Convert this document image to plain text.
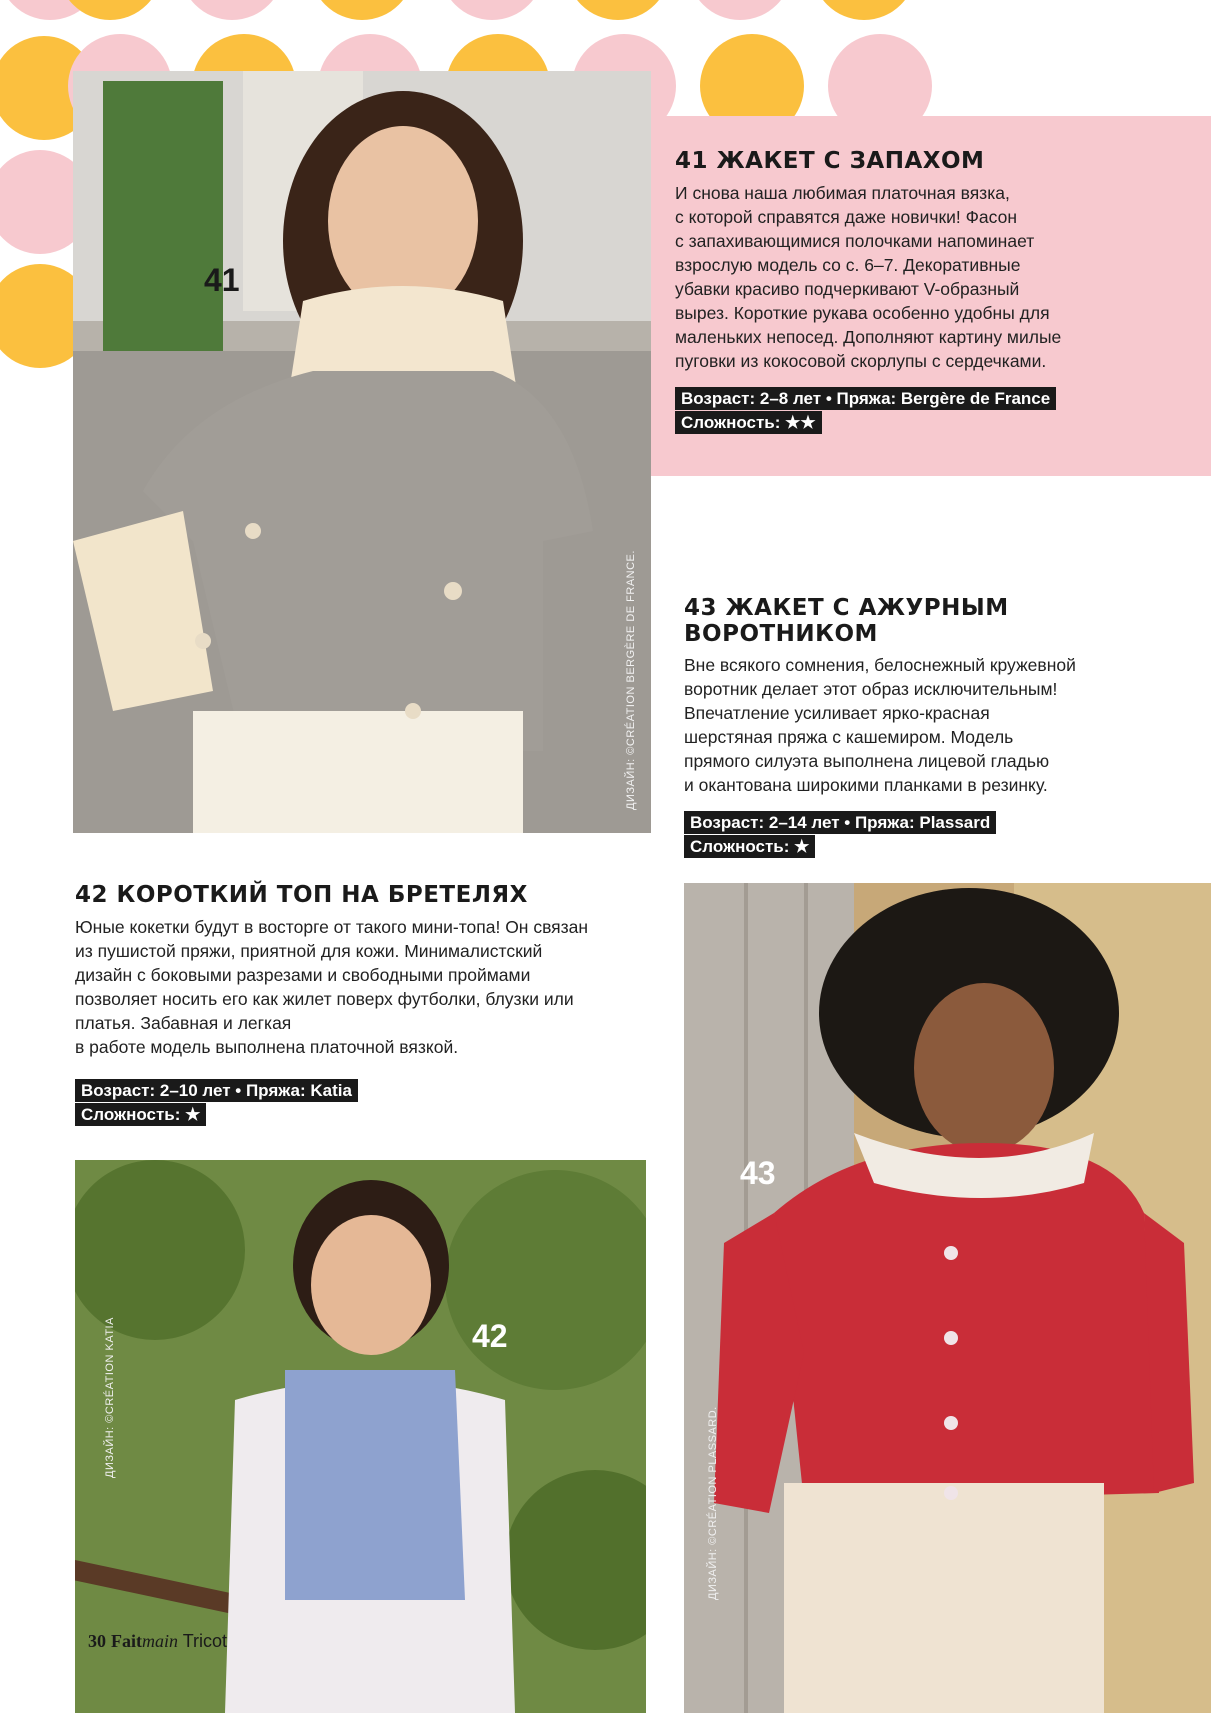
41
ДИЗАЙН: ©CRÉATION BERGÈRE DE FRANCE.
41 ЖАКЕТ С ЗАПАХОМ
И снова наша любимая платочная вязка,
с которой справятся даже новички! Фасон
с запахивающимися полочками напоминает
взрослую модель со с. 6–7. Декоративные
убавки красиво подчеркивают V-образный
вырез. Короткие рукава особенно удобны для
маленьких непосед. Дополняют картину милые
пуговки из кокосовой скорлупы с сердечками.
Возраст: 2–8 лет • Пряжа: Bergère de France
Сложность: ★★
43 ЖАКЕТ С АЖУРНЫМ
ВОРОТНИКОМ
Вне всякого сомнения, белоснежный кружевной
воротник делает этот образ исключительным!
Впечатление усиливает ярко-красная
шерстяная пряжа с кашемиром. Модель
прямого силуэта выполнена лицевой гладью
и окантована широкими планками в резинку.
Возраст: 2–14 лет • Пряжа: Plassard
Сложность: ★
42 КОРОТКИЙ ТОП НА БРЕТЕЛЯХ
Юные кокетки будут в восторге от такого мини-топа! Он связан
из пушистой пряжи, приятной для кожи. Минималистский
дизайн с боковыми разрезами и свободными проймами
позволяет носить его как жилет поверх футболки, блузки или
платья. Забавная и легкая
в работе модель выполнена платочной вязкой.
Возраст: 2–10 лет • Пряжа: Katia
Сложность: ★
43
ДИЗАЙН: ©CRÉATION PLASSARD.
42
ДИЗАЙН: ©CRÉATION KATIA
30 Faitmain Tricot
